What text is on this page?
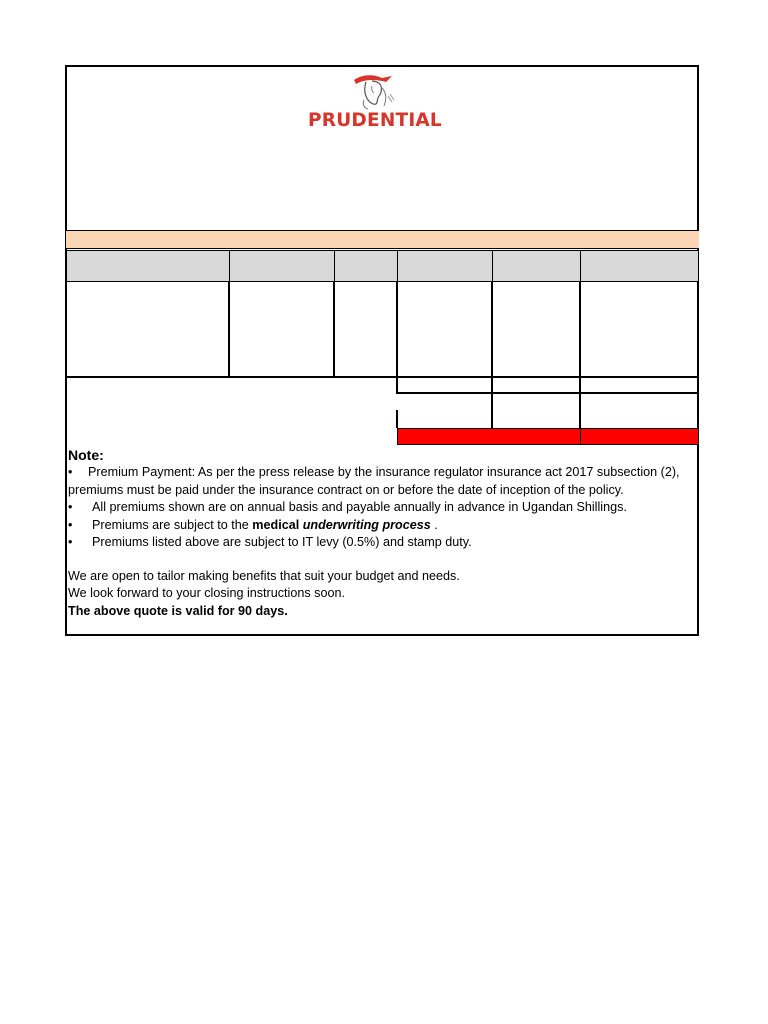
PRUDENTIAL
Note:
• Premium Payment: As per the press release by the insurance regulator insurance act 2017 subsection (2),
premiums must be paid under the insurance contract on or before the date of inception of the policy.
• All premiums shown are on annual basis and payable annually in advance in Ugandan Shillings.
• Premiums are subject to the medical underwriting process .
• Premiums listed above are subject to IT levy (0.5%) and stamp duty.
We are open to tailor making benefits that suit your budget and needs.
We look forward to your closing instructions soon.
The above quote is valid for 90 days.
